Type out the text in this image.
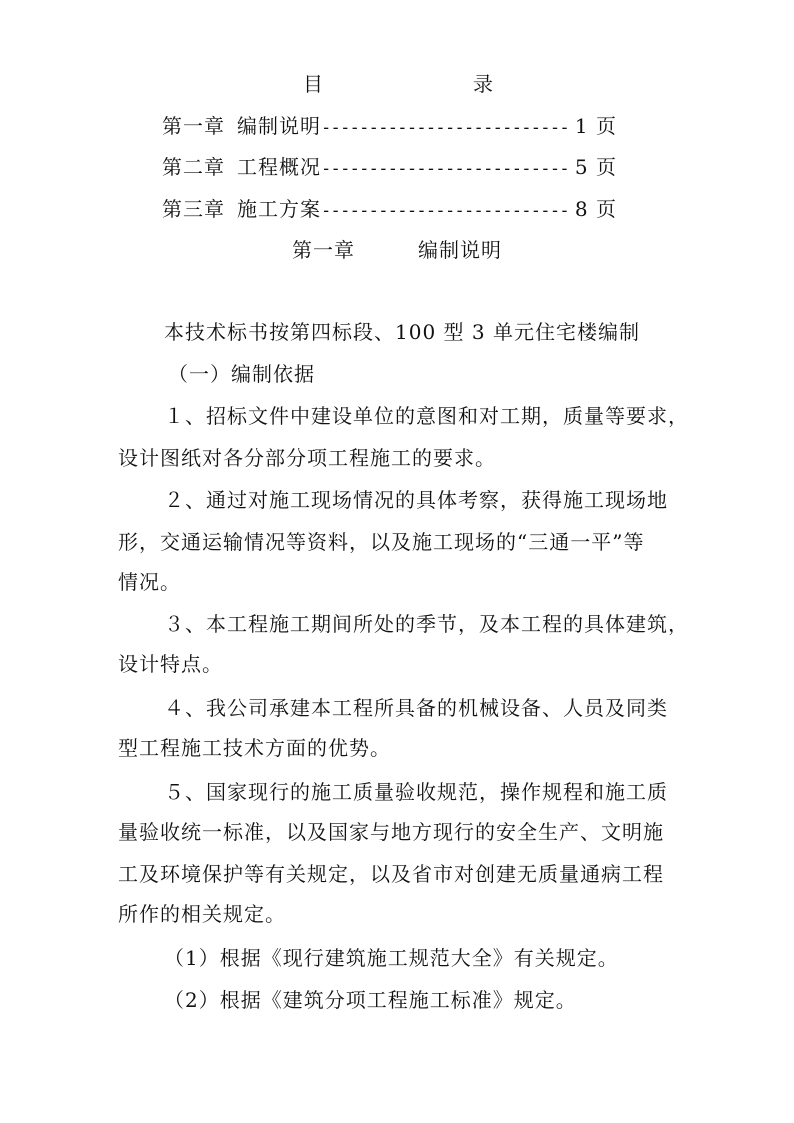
目	录
第一章 编制说明-------------------------- 1 页
第二章 工程概况-------------------------- 5 页
第三章 施工方案-------------------------- 8 页
第一章	编制说明
本技术标书按第四标段、100 型 3 单元住宅楼编制
（一）编制依据
１、招标文件中建设单位的意图和对工期，质量等要求，
设计图纸对各分部分项工程施工的要求。
２、通过对施工现场情况的具体考察，获得施工现场地
形，交通运输情况等资料，以及施工现场的“三通一平”等
情况。
３、本工程施工期间所处的季节，及本工程的具体建筑，
设计特点。
４、我公司承建本工程所具备的机械设备、人员及同类
型工程施工技术方面的优势。
５、国家现行的施工质量验收规范，操作规程和施工质
量验收统一标准，以及国家与地方现行的安全生产、文明施
工及环境保护等有关规定，以及省市对创建无质量通病工程
所作的相关规定。
（1）根据《现行建筑施工规范大全》有关规定。
（2）根据《建筑分项工程施工标准》规定。
